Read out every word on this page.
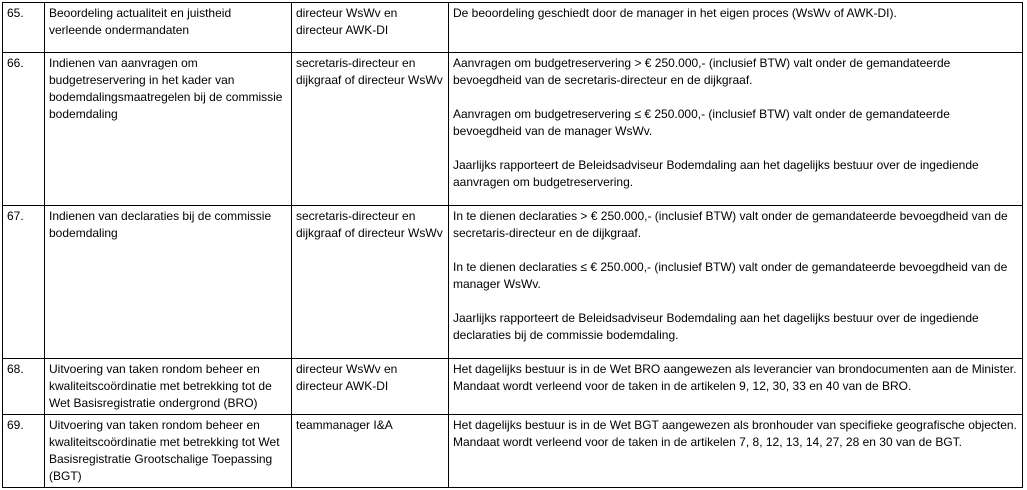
65.	Beoordeling actualiteit en juistheid verleende ondermandaten	directeur WsWv en directeur AWK-DI	De beoordeling geschiedt door de manager in het eigen proces (WsWv of AWK-DI).

66.	Indienen van aanvragen om budgetreservering in het kader van bodemdalingsmaatregelen bij de commissie bodemdaling	secretaris-directeur en dijkgraaf of directeur WsWv	Aanvragen om budgetreservering > € 250.000,- (inclusief BTW) valt onder de gemandateerde bevoegdheid van de secretaris-directeur en de dijkgraaf.

Aanvragen om budgetreservering ≤ € 250.000,- (inclusief BTW) valt onder de gemandateerde bevoegdheid van de manager WsWv.

Jaarlijks rapporteert de Beleidsadviseur Bodemdaling aan het dagelijks bestuur over de ingediende aanvragen om budgetreservering.

67.	Indienen van declaraties bij de commissie bodemdaling	secretaris-directeur en dijkgraaf of directeur WsWv	In te dienen declaraties > € 250.000,- (inclusief BTW) valt onder de gemandateerde bevoegdheid van de secretaris-directeur en de dijkgraaf.

In te dienen declaraties ≤ € 250.000,- (inclusief BTW) valt onder de gemandateerde bevoegdheid van de manager WsWv.

Jaarlijks rapporteert de Beleidsadviseur Bodemdaling aan het dagelijks bestuur over de ingediende declaraties bij de commissie bodemdaling.

68.	Uitvoering van taken rondom beheer en kwaliteitscoördinatie met betrekking tot de Wet Basisregistratie ondergrond (BRO)	directeur WsWv en directeur AWK-DI	Het dagelijks bestuur is in de Wet BRO aangewezen als leverancier van brondocumenten aan de Minister.
Mandaat wordt verleend voor de taken in de artikelen 9, 12, 30, 33 en 40 van de BRO.

69.	Uitvoering van taken rondom beheer en kwaliteitscoördinatie met betrekking tot Wet Basisregistratie Grootschalige Toepassing (BGT)	teammanager I&A	Het dagelijks bestuur is in de Wet BGT aangewezen als bronhouder van specifieke geografische objecten. Mandaat wordt verleend voor de taken in de artikelen 7, 8, 12, 13, 14, 27, 28 en 30 van de BGT.
